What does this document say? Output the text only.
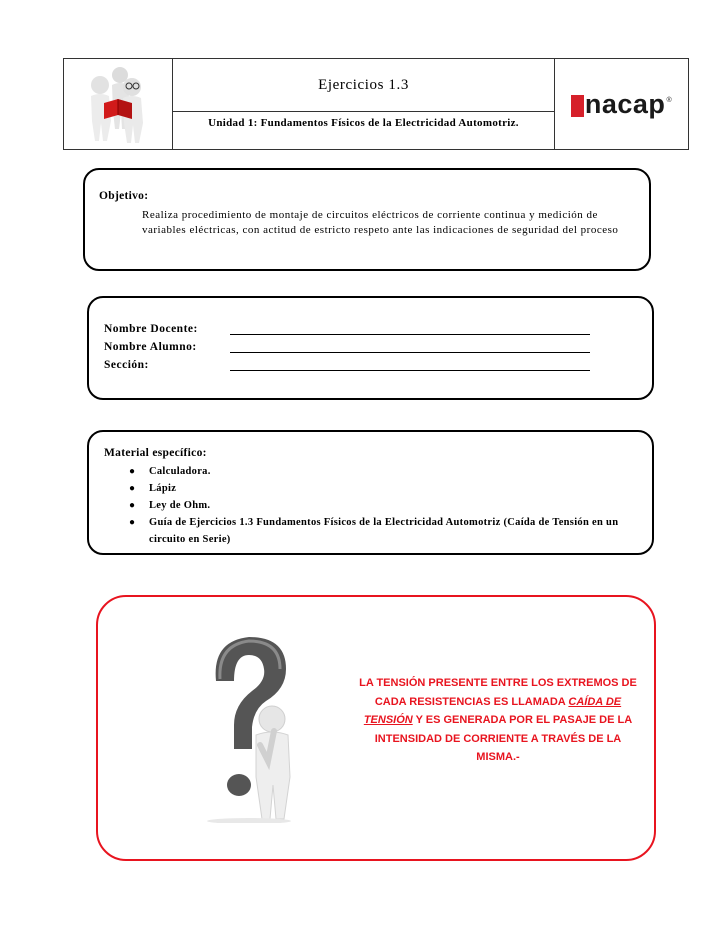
Ejercicios 1.3
Unidad 1: Fundamentos Físicos de la Electricidad Automotriz.
nacap ®
Objetivo:
Realiza procedimiento de montaje de circuitos eléctricos de corriente continua y medición de variables eléctricas, con actitud de estricto respeto ante las indicaciones de seguridad del proceso
Nombre Docente:
Nombre Alumno:
Sección:
Material específico:
● Calculadora.
● Lápiz
● Ley de Ohm.
● Guía de Ejercicios 1.3 Fundamentos Físicos de la Electricidad Automotriz (Caída de Tensión en un circuito en Serie)
LA TENSIÓN PRESENTE ENTRE LOS EXTREMOS DE CADA RESISTENCIAS ES LLAMADA CAÍDA DE TENSIÓN Y ES GENERADA POR EL PASAJE DE LA INTENSIDAD DE CORRIENTE A TRAVÉS DE LA MISMA.-
